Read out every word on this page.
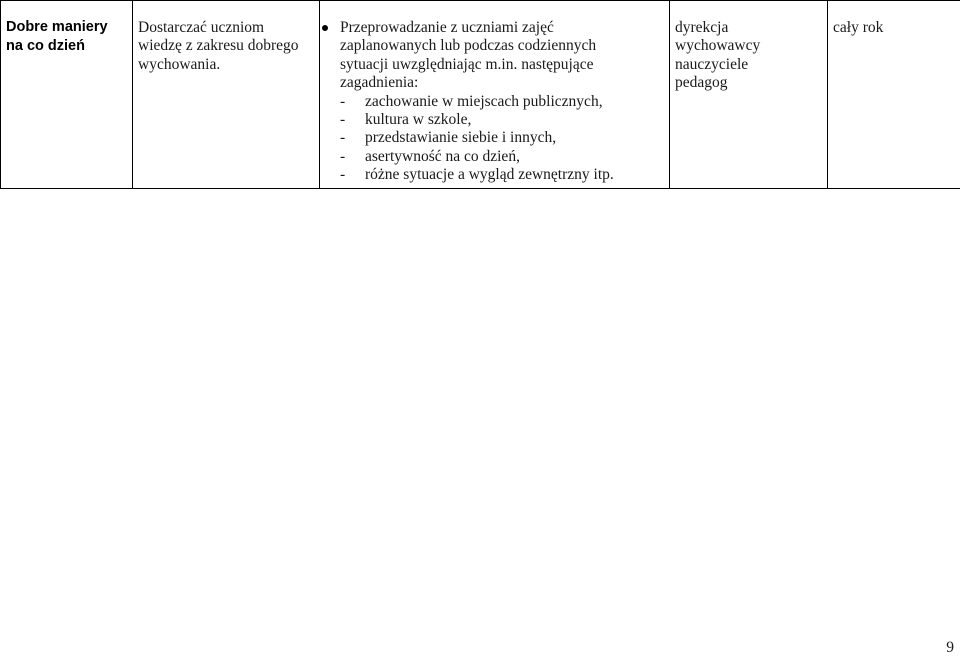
Dobre maniery
na co dzień

Dostarczać uczniom
wiedzę z zakresu dobrego
wychowania.

Przeprowadzanie z uczniami zajęć
zaplanowanych lub podczas codziennych
sytuacji uwzględniając m.in. następujące
zagadnienia:
- zachowanie w miejscach publicznych,
- kultura w szkole,
- przedstawianie siebie i innych,
- asertywność na co dzień,
- różne sytuacje a wygląd zewnętrzny itp.

dyrekcja
wychowawcy
nauczyciele
pedagog

cały rok
9
